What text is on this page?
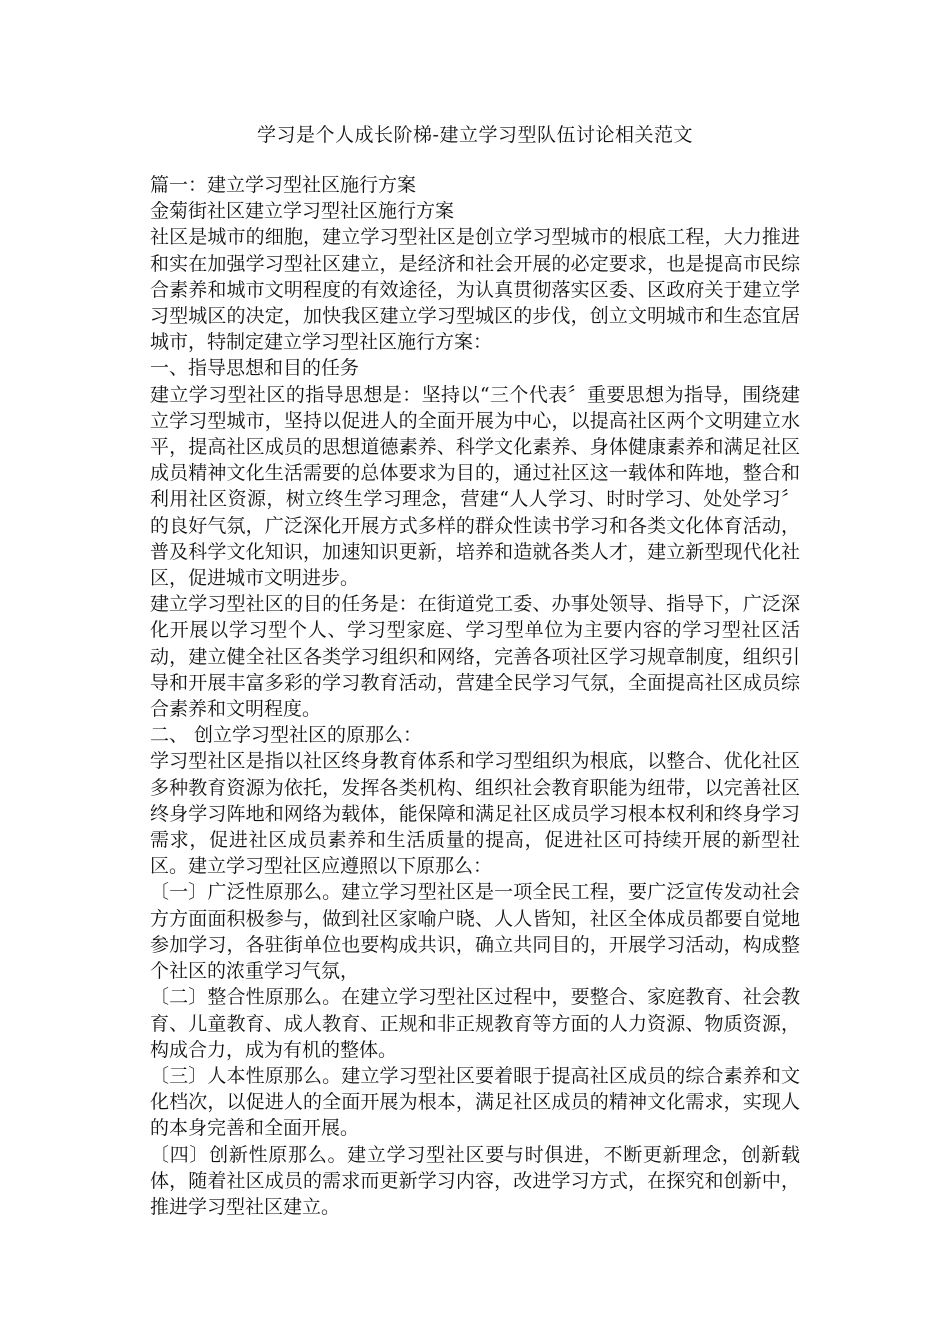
学习是个人成长阶梯-建立学习型队伍讨论相关范文

篇一：建立学习型社区施行方案

金菊街社区建立学习型社区施行方案

社区是城市的细胞，建立学习型社区是创立学习型城市的根底工程，大力推进和实在加强学习型社区建立，是经济和社会开展的必定要求，也是提高市民综合素养和城市文明程度的有效途径，为认真贯彻落实区委、区政府关于建立学习型城区的决定，加快我区建立学习型城区的步伐，创立文明城市和生态宜居城市，特制定建立学习型社区施行方案：

一、指导思想和目的任务

建立学习型社区的指导思想是：坚持以“三个代表〞重要思想为指导，围绕建立学习型城市，坚持以促进人的全面开展为中心，以提高社区两个文明建立水平，提高社区成员的思想道德素养、科学文化素养、身体健康素养和满足社区成员精神文化生活需要的总体要求为目的，通过社区这一载体和阵地，整合和利用社区资源，树立终生学习理念，营建“人人学习、时时学习、处处学习〞的良好气氛，广泛深化开展方式多样的群众性读书学习和各类文化体育活动，普及科学文化知识，加速知识更新，培养和造就各类人才，建立新型现代化社区，促进城市文明进步。

建立学习型社区的目的任务是：在街道党工委、办事处领导、指导下，广泛深化开展以学习型个人、学习型家庭、学习型单位为主要内容的学习型社区活动，建立健全社区各类学习组织和网络，完善各项社区学习规章制度，组织引导和开展丰富多彩的学习教育活动，营建全民学习气氛，全面提高社区成员综合素养和文明程度。

二、 创立学习型社区的原那么：

学习型社区是指以社区终身教育体系和学习型组织为根底，以整合、优化社区多种教育资源为依托，发挥各类机构、组织社会教育职能为纽带，以完善社区终身学习阵地和网络为载体，能保障和满足社区成员学习根本权利和终身学习需求，促进社区成员素养和生活质量的提高，促进社区可持续开展的新型社区。建立学习型社区应遵照以下原那么：

〔一〕广泛性原那么。建立学习型社区是一项全民工程，要广泛宣传发动社会方方面面积极参与，做到社区家喻户晓、人人皆知，社区全体成员都要自觉地参加学习，各驻街单位也要构成共识，确立共同目的，开展学习活动，构成整个社区的浓重学习气氛，

〔二〕整合性原那么。在建立学习型社区过程中，要整合、家庭教育、社会教育、儿童教育、成人教育、正规和非正规教育等方面的人力资源、物质资源，构成合力，成为有机的整体。

〔三〕人本性原那么。建立学习型社区要着眼于提高社区成员的综合素养和文化档次，以促进人的全面开展为根本，满足社区成员的精神文化需求，实现人的本身完善和全面开展。

〔四〕创新性原那么。建立学习型社区要与时俱进，不断更新理念，创新载体，随着社区成员的需求而更新学习内容，改进学习方式，在探究和创新中，推进学习型社区建立。
